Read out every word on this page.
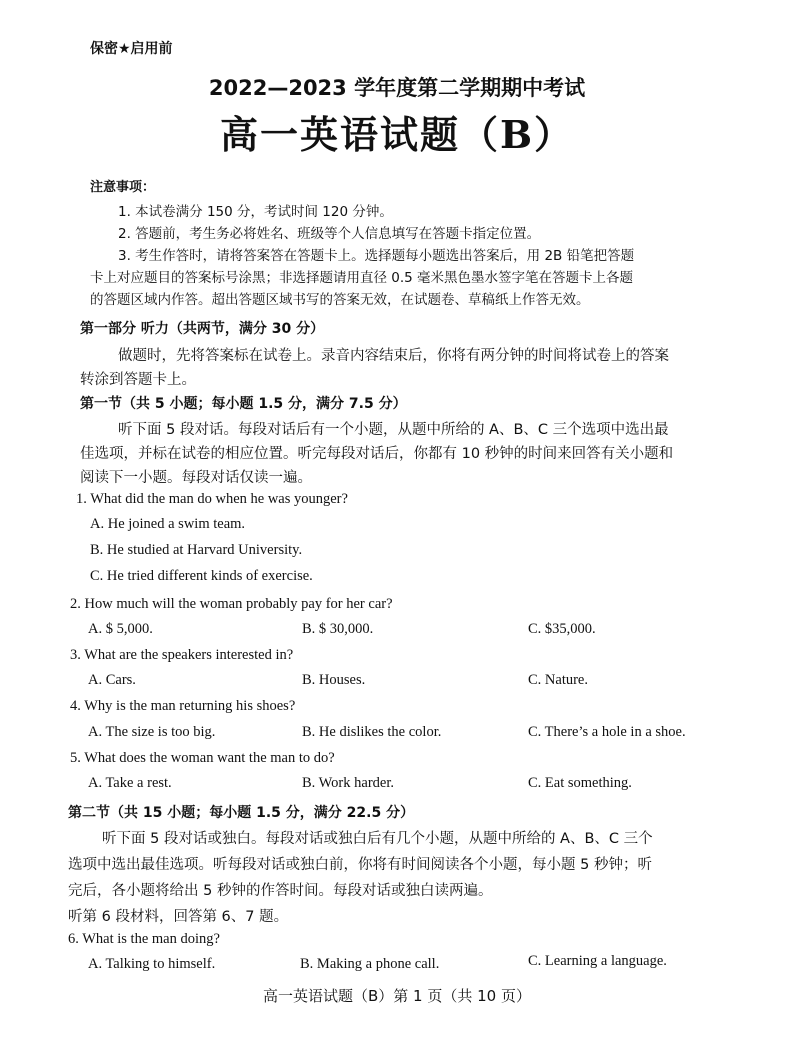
保密★启用前
2022—2023 学年度第二学期期中考试
高一英语试题（B）
注意事项：
1. 本试卷满分 150 分，考试时间 120 分钟。
2. 答题前，考生务必将姓名、班级等个人信息填写在答题卡指定位置。
3. 考生作答时，请将答案答在答题卡上。选择题每小题选出答案后，用 2B 铅笔把答题
卡上对应题目的答案标号涂黑；非选择题请用直径 0.5 毫米黑色墨水签字笔在答题卡上各题
的答题区域内作答。超出答题区域书写的答案无效，在试题卷、草稿纸上作答无效。
第一部分 听力（共两节，满分 30 分）
做题时，先将答案标在试卷上。录音内容结束后，你将有两分钟的时间将试卷上的答案
转涂到答题卡上。
第一节（共 5 小题；每小题 1.5 分，满分 7.5 分）
听下面 5 段对话。每段对话后有一个小题，从题中所给的 A、B、C 三个选项中选出最
佳选项，并标在试卷的相应位置。听完每段对话后，你都有 10 秒钟的时间来回答有关小题和
阅读下一小题。每段对话仅读一遍。
1. What did the man do when he was younger?
A. He joined a swim team.
B. He studied at Harvard University.
C. He tried different kinds of exercise.
2. How much will the woman probably pay for her car?
A. $ 5,000.	B. $ 30,000.	C. $35,000.
3. What are the speakers interested in?
A. Cars.	B. Houses.	C. Nature.
4. Why is the man returning his shoes?
A. The size is too big.	B. He dislikes the color.	C. There’s a hole in a shoe.
5. What does the woman want the man to do?
A. Take a rest.	B. Work harder.	C. Eat something.
第二节（共 15 小题；每小题 1.5 分，满分 22.5 分）
听下面 5 段对话或独白。每段对话或独白后有几个小题，从题中所给的 A、B、C 三个
选项中选出最佳选项。听每段对话或独白前，你将有时间阅读各个小题，每小题 5 秒钟；听
完后，各小题将给出 5 秒钟的作答时间。每段对话或独白读两遍。
听第 6 段材料，回答第 6、7 题。
6. What is the man doing?
A. Talking to himself.	B. Making a phone call.	C. Learning a language.
高一英语试题（B）第 1 页（共 10 页）
